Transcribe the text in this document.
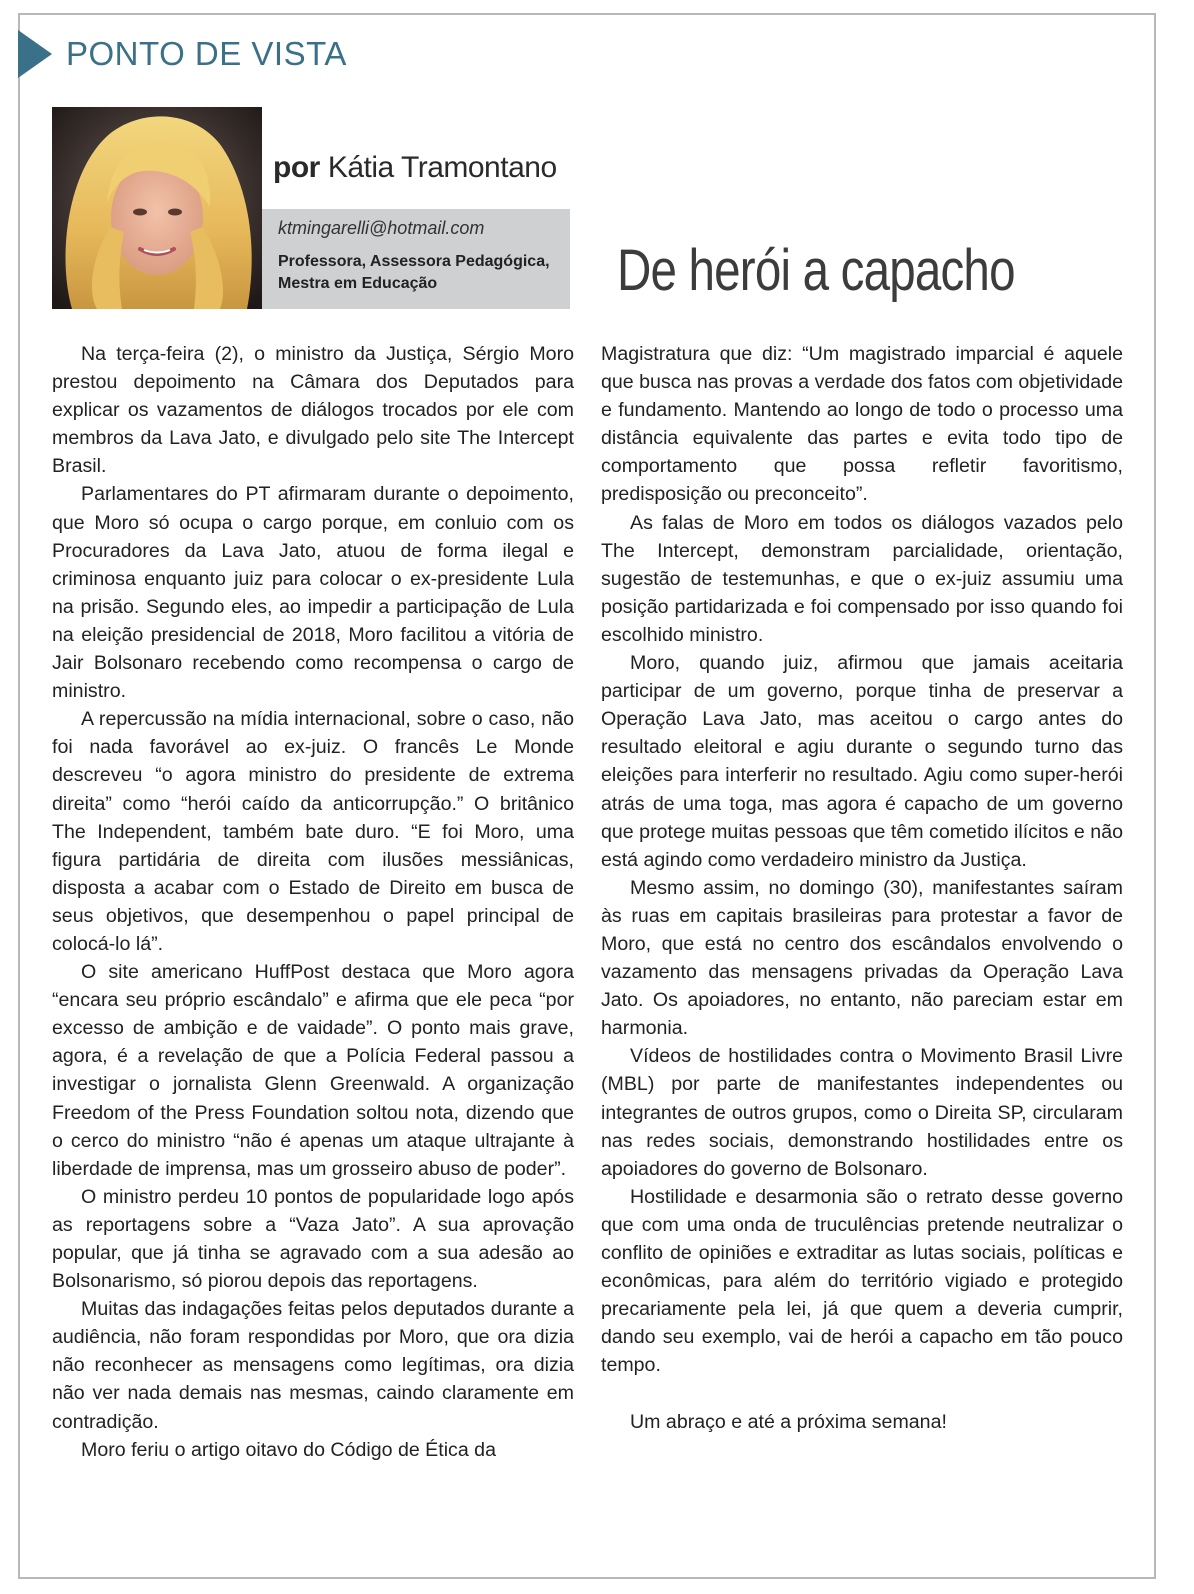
PONTO DE VISTA
por Kátia Tramontano
ktmingarelli@hotmail.com
Professora, Assessora Pedagógica, Mestra em Educação	De herói a capacho

Na terça-feira (2), o ministro da Justiça, Sérgio Moro prestou depoimento na Câmara dos Deputados para explicar os vazamentos de diálogos trocados por ele com membros da Lava Jato, e divulgado pelo site The Intercept Brasil.

Parlamentares do PT afirmaram durante o depoimento, que Moro só ocupa o cargo porque, em conluio com os Procuradores da Lava Jato, atuou de forma ilegal e criminosa enquanto juiz para colocar o ex-presidente Lula na prisão. Segundo eles, ao impedir a participação de Lula na eleição presidencial de 2018, Moro facilitou a vitória de Jair Bolsonaro recebendo como recompensa o cargo de ministro.

A repercussão na mídia internacional, sobre o caso, não foi nada favorável ao ex-juiz. O francês Le Monde descreveu “o agora ministro do presidente de extrema direita” como “herói caído da anticorrupção.” O britânico The Independent, também bate duro. “E foi Moro, uma figura partidária de direita com ilusões messiânicas, disposta a acabar com o Estado de Direito em busca de seus objetivos, que desempenhou o papel principal de colocá-lo lá”.

O site americano HuffPost destaca que Moro agora “encara seu próprio escândalo” e afirma que ele peca “por excesso de ambição e de vaidade”. O ponto mais grave, agora, é a revelação de que a Polícia Federal passou a investigar o jornalista Glenn Greenwald. A organização Freedom of the Press Foundation soltou nota, dizendo que o cerco do ministro “não é apenas um ataque ultrajante à liberdade de imprensa, mas um grosseiro abuso de poder”.

O ministro perdeu 10 pontos de popularidade logo após as reportagens sobre a “Vaza Jato”. A sua aprovação popular, que já tinha se agravado com a sua adesão ao Bolsonarismo, só piorou depois das reportagens.

Muitas das indagações feitas pelos deputados durante a audiência, não foram respondidas por Moro, que ora dizia não reconhecer as mensagens como legítimas, ora dizia não ver nada demais nas mesmas, caindo claramente em contradição.

Moro feriu o artigo oitavo do Código de Ética da

Magistratura que diz: “Um magistrado imparcial é aquele que busca nas provas a verdade dos fatos com objetividade e fundamento. Mantendo ao longo de todo o processo uma distância equivalente das partes e evita todo tipo de comportamento que possa refletir favoritismo, predisposição ou preconceito”.

As falas de Moro em todos os diálogos vazados pelo The Intercept, demonstram parcialidade, orientação, sugestão de testemunhas, e que o ex-juiz assumiu uma posição partidarizada e foi compensado por isso quando foi escolhido ministro.

Moro, quando juiz, afirmou que jamais aceitaria participar de um governo, porque tinha de preservar a Operação Lava Jato, mas aceitou o cargo antes do resultado eleitoral e agiu durante o segundo turno das eleições para interferir no resultado. Agiu como super-herói atrás de uma toga, mas agora é capacho de um governo que protege muitas pessoas que têm cometido ilícitos e não está agindo como verdadeiro ministro da Justiça.

Mesmo assim, no domingo (30), manifestantes saíram às ruas em capitais brasileiras para protestar a favor de Moro, que está no centro dos escândalos envolvendo o vazamento das mensagens privadas da Operação Lava Jato. Os apoiadores, no entanto, não pareciam estar em harmonia.

Vídeos de hostilidades contra o Movimento Brasil Livre (MBL) por parte de manifestantes independentes ou integrantes de outros grupos, como o Direita SP, circularam nas redes sociais, demonstrando hostilidades entre os apoiadores do governo de Bolsonaro.

Hostilidade e desarmonia são o retrato desse governo que com uma onda de truculências pretende neutralizar o conflito de opiniões e extraditar as lutas sociais, políticas e econômicas, para além do território vigiado e protegido precariamente pela lei, já que quem a deveria cumprir, dando seu exemplo, vai de herói a capacho em tão pouco tempo.

Um abraço e até a próxima semana!
